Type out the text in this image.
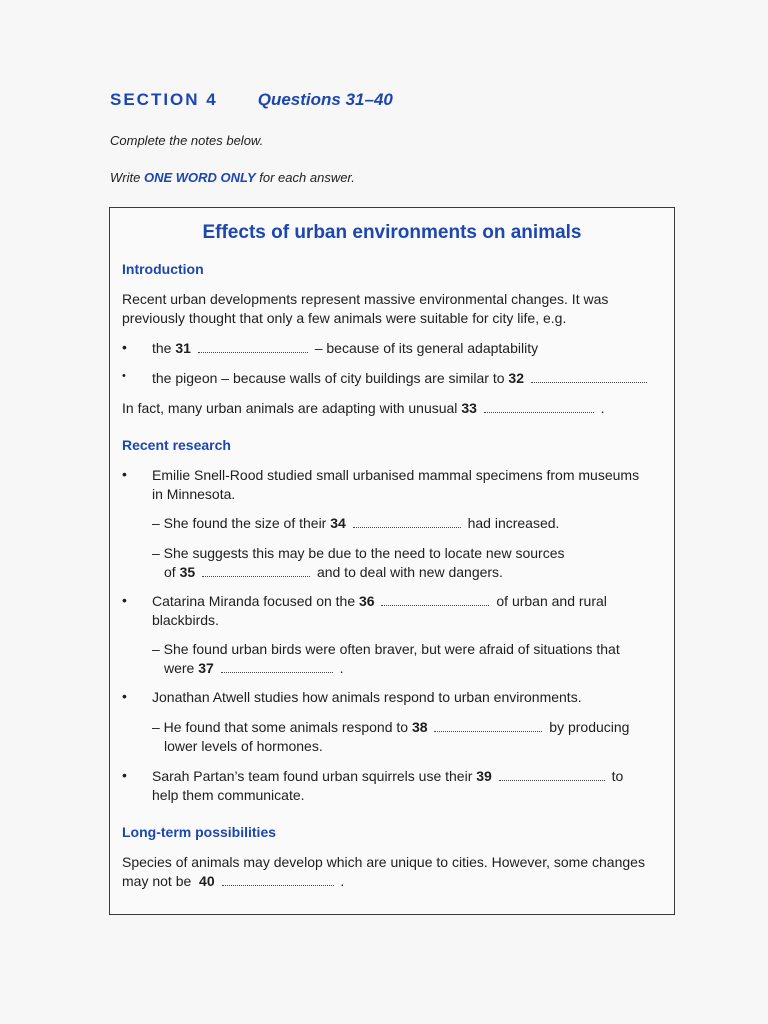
SECTION 4 Questions 31–40
Complete the notes below.
Write ONE WORD ONLY for each answer.
Effects of urban environments on animals
Introduction
Recent urban developments represent massive environmental changes. It was
previously thought that only a few animals were suitable for city life, e.g.
• the 31	– because of its general adaptability
• the pigeon – because walls of city buildings are similar to 32
In fact, many urban animals are adapting with unusual 33	.
Recent research
• Emilie Snell-Rood studied small urbanised mammal specimens from museums
in Minnesota.
– She found the size of their 34	had increased.
– She suggests this may be due to the need to locate new sources
of 35	and to deal with new dangers.
• Catarina Miranda focused on the 36	of urban and rural
blackbirds.
– She found urban birds were often braver, but were afraid of situations that
were 37	.
• Jonathan Atwell studies how animals respond to urban environments.
– He found that some animals respond to 38	by producing
lower levels of hormones.
• Sarah Partan’s team found urban squirrels use their 39	to
help them communicate.
Long-term possibilities
Species of animals may develop which are unique to cities. However, some changes
may not be  40	.
